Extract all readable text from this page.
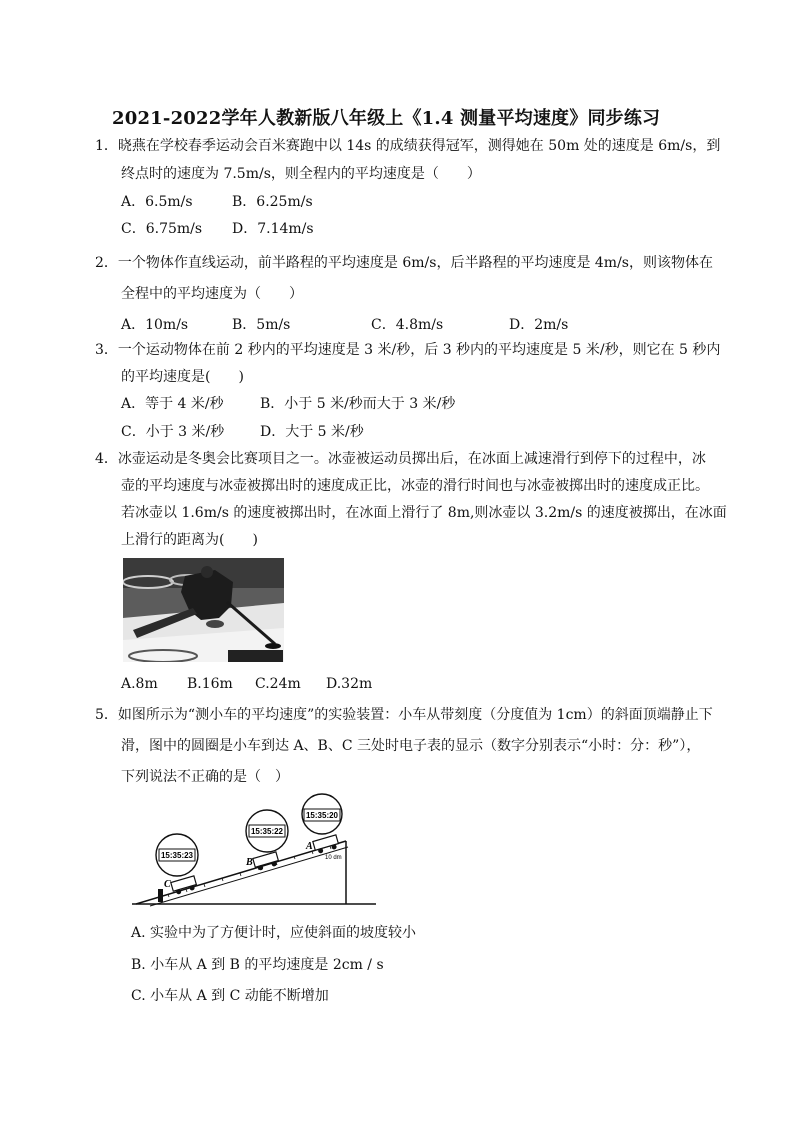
2021-2022学年人教新版八年级上《1.4 测量平均速度》同步练习
1．晓燕在学校春季运动会百米赛跑中以 14s 的成绩获得冠军，测得她在 50m 处的速度是 6m/s，到
终点时的速度为 7.5m/s，则全程内的平均速度是（　　）
A．6.5m/s	B．6.25m/s
C．6.75m/s D．7.14m/s
2．一个物体作直线运动，前半路程的平均速度是 6m/s，后半路程的平均速度是 4m/s，则该物体在
全程中的平均速度为（　　）
A．10m/s	B．5m/s	C．4.8m/s	D．2m/s
3．一个运动物体在前 2 秒内的平均速度是 3 米/秒，后 3 秒内的平均速度是 5 米/秒，则它在 5 秒内
的平均速度是(　　)
A．等于 4 米/秒	B．小于 5 米/秒而大于 3 米/秒
C．小于 3 米/秒	D．大于 5 米/秒
4．冰壶运动是冬奥会比赛项目之一。冰壶被运动员掷出后，在冰面上减速滑行到停下的过程中，冰
壶的平均速度与冰壶被掷出时的速度成正比，冰壶的滑行时间也与冰壶被掷出时的速度成正比。
若冰壶以 1.6m/s 的速度被掷出时，在冰面上滑行了 8m,则冰壶以 3.2m/s 的速度被掷出，在冰面
上滑行的距离为(　　)
A.8m B.16m C.24m D.32m
5．如图所示为“测小车的平均速度”的实验装置：小车从带刻度（分度值为 1cm）的斜面顶端静止下
滑，图中的圆圈是小车到达 A、B、C 三处时电子表的显示（数字分别表示“小时：分：秒”），
下列说法不正确的是（　）
15:35:23
15:35:22
15:35:20
C
B
A
10 dm
A. 实验中为了方便计时，应使斜面的坡度较小
B. 小车从 A 到 B 的平均速度是 2cm / s
C. 小车从 A 到 C 动能不断增加
